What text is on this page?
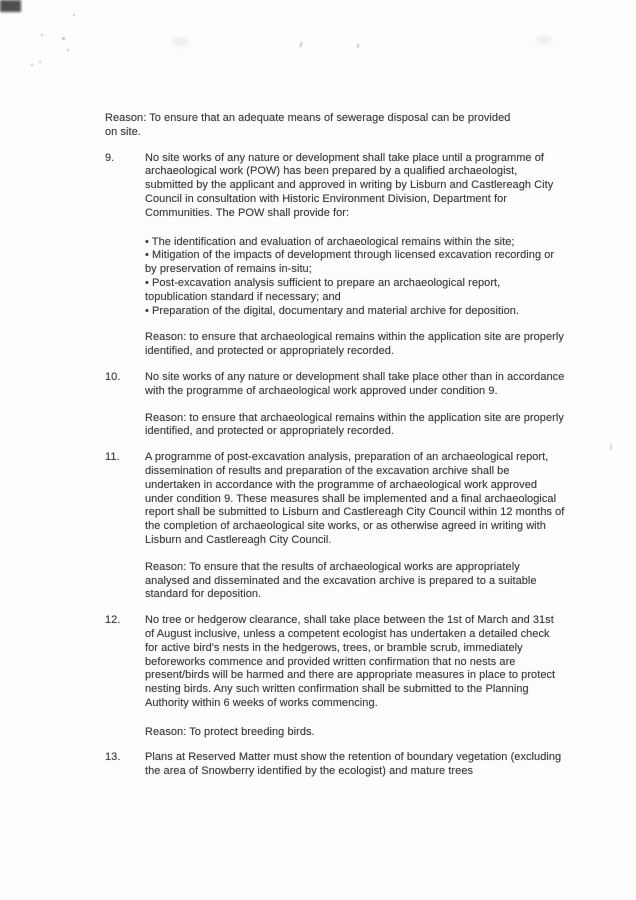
Reason: To ensure that an adequate means of sewerage disposal can be provided on site.

9.	No site works of any nature or development shall take place until a programme of archaeological work (POW) has been prepared by a qualified archaeologist, submitted by the applicant and approved in writing by Lisburn and Castlereagh City Council in consultation with Historic Environment Division, Department for Communities. The POW shall provide for:

• The identification and evaluation of archaeological remains within the site;

• Mitigation of the impacts of development through licensed excavation recording or by preservation of remains in-situ;

• Post-excavation analysis sufficient to prepare an archaeological report, topublication standard if necessary; and

• Preparation of the digital, documentary and material archive for deposition.

Reason: to ensure that archaeological remains within the application site are properly identified, and protected or appropriately recorded.

10.	No site works of any nature or development shall take place other than in accordance with the programme of archaeological work approved under condition 9.

Reason: to ensure that archaeological remains within the application site are properly identified, and protected or appropriately recorded.

11.	A programme of post-excavation analysis, preparation of an archaeological report, dissemination of results and preparation of the excavation archive shall be undertaken in accordance with the programme of archaeological work approved under condition 9. These measures shall be implemented and a final archaeological report shall be submitted to Lisburn and Castlereagh City Council within 12 months of the completion of archaeological site works, or as otherwise agreed in writing with Lisburn and Castlereagh City Council.

Reason: To ensure that the results of archaeological works are appropriately analysed and disseminated and the excavation archive is prepared to a suitable standard for deposition.

12.	No tree or hedgerow clearance, shall take place between the 1st of March and 31st of August inclusive, unless a competent ecologist has undertaken a detailed check for active bird's nests in the hedgerows, trees, or bramble scrub, immediately beforeworks commence and provided written confirmation that no nests are present/birds will be harmed and there are appropriate measures in place to protect nesting birds. Any such written confirmation shall be submitted to the Planning Authority within 6 weeks of works commencing.

Reason: To protect breeding birds.

13.	Plans at Reserved Matter must show the retention of boundary vegetation (excluding the area of Snowberry identified by the ecologist) and mature trees
